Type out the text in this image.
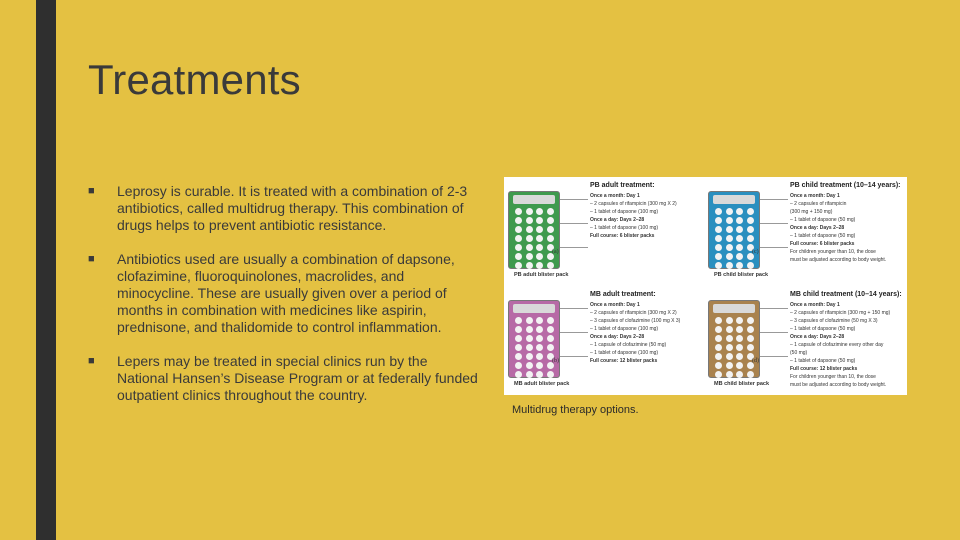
Treatments
■	Leprosy is curable. It is treated with a combination of 2-3 antibiotics, called multidrug therapy. This combination of drugs helps to prevent antibiotic resistance.
■	Antibiotics used are usually a combination of dapsone, clofazimine, fluoroquinolones, macrolides, and minocycline. These are usually given over a period of months in combination with medicines like aspirin, prednisone, and thalidomide to control inflammation.
■	Lepers may be treated in special clinics run by the National Hansen’s Disease Program or at federally funded outpatient clinics throughout the country.
(a)
PB adult blister pack
PB adult treatment:
Once a month: Day 1
– 2 capsules of rifampicin (300 mg X 2)
– 1 tablet of dapsone (100 mg)
Once a day: Days 2–28
– 1 tablet of dapsone (100 mg)
Full course: 6 blister packs
(c)
PB child blister pack
PB child treatment (10–14 years):
Once a month: Day 1
– 2 capsules of rifampicin
(300 mg + 150 mg)
– 1 tablet of dapsone (50 mg)
Once a day: Days 2–28
– 1 tablet of dapsone (50 mg)
Full course: 6 blister packs
For children younger than 10, the dose
must be adjusted according to body weight.
(b)
MB adult blister pack
MB adult treatment:
Once a month: Day 1
– 2 capsules of rifampicin (300 mg X 2)
– 3 capsules of clofazimine (100 mg X 3)
– 1 tablet of dapsone (100 mg)
Once a day: Days 2–28
– 1 capsule of clofazimine (50 mg)
– 1 tablet of dapsone (100 mg)
Full course: 12 blister packs	(d)
MB child blister pack
MB child treatment (10–14 years):
Once a month: Day 1
– 2 capsules of rifampicin (300 mg + 150 mg)
– 3 capsules of clofazimine (50 mg X 3)
– 1 tablet of dapsone (50 mg)
Once a day: Days 2–28
– 1 capsule of clofazimine every other day
(50 mg)
– 1 tablet of dapsone (50 mg)
Full course: 12 blister packs
For children younger than 10, the dose
must be adjusted according to body weight.
Multidrug therapy options.
